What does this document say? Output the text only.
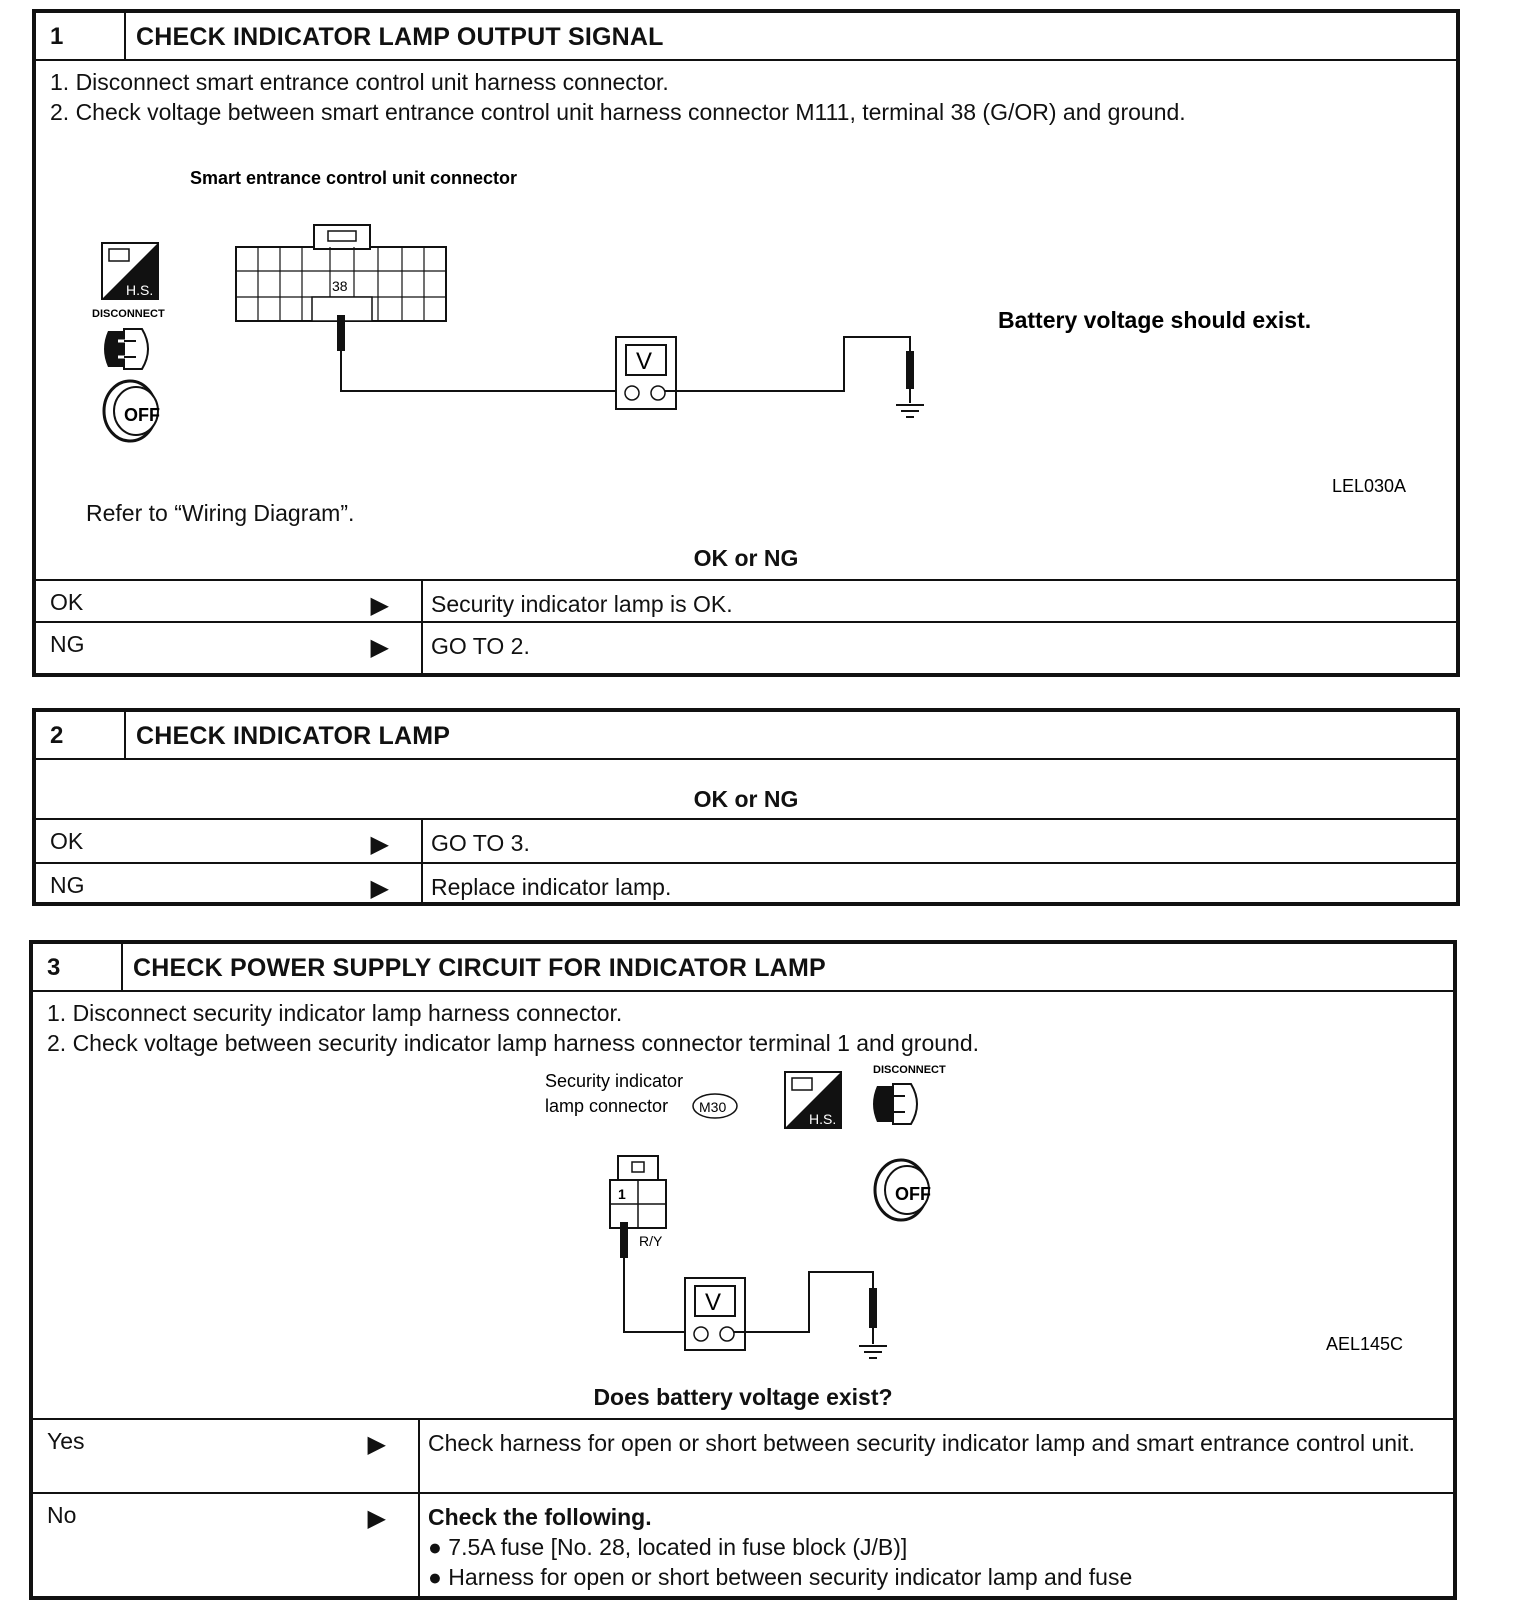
1	CHECK INDICATOR LAMP OUTPUT SIGNAL
1. Disconnect smart entrance control unit harness connector.
2. Check voltage between smart entrance control unit harness connector M111, terminal 38 (G/OR) and ground.
Smart entrance control unit connector
H.S.
DISCONNECT
OFF
38
V
Battery voltage should exist.
LEL030A
Refer to “Wiring Diagram”.
OK or NG
OK	▶	Security indicator lamp is OK.
NG	▶	GO TO 2.
2	CHECK INDICATOR LAMP
OK or NG
OK	▶	GO TO 3.
NG	▶	Replace indicator lamp.
3	CHECK POWER SUPPLY CIRCUIT FOR INDICATOR LAMP
1. Disconnect security indicator lamp harness connector.
2. Check voltage between security indicator lamp harness connector terminal 1 and ground.
Security indicator
lamp connector M30
H.S.
DISCONNECT
OFF
1
R/Y
V
AEL145C
Does battery voltage exist?
Yes	▶	Check harness for open or short between security indicator lamp and smart entrance control unit.
No	▶ Check the following.
● 7.5A fuse [No. 28, located in fuse block (J/B)]
● Harness for open or short between security indicator lamp and fuse
